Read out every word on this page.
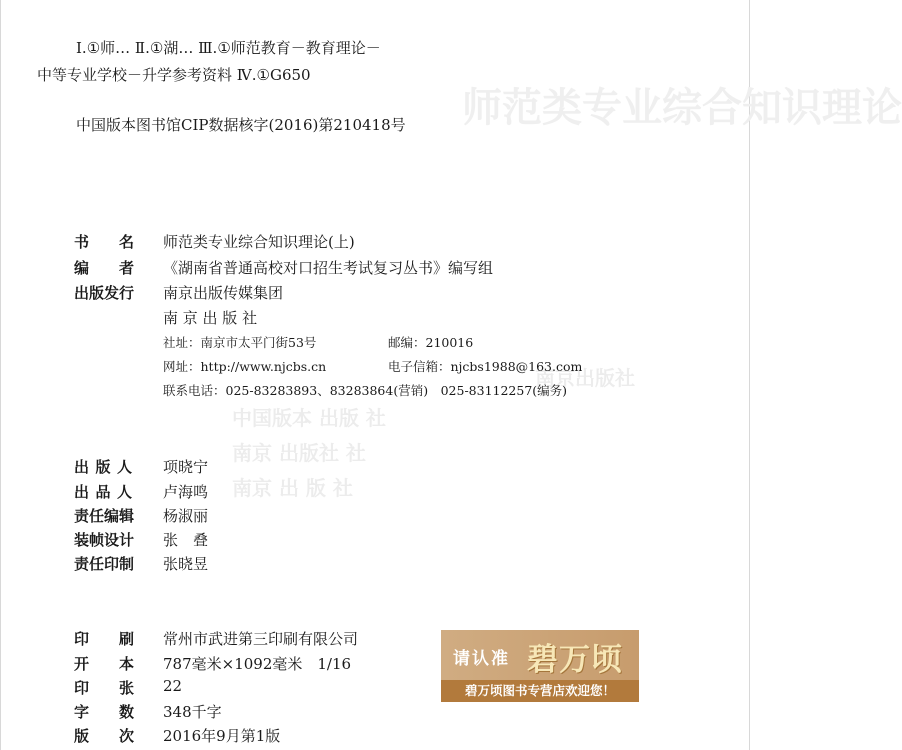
师范类专业综合知识理论
南京出版社
中国版本 出版 社
南京 出版社 社
南京 出 版 社
Ⅰ.①师… Ⅱ.①湖… Ⅲ.①师范教育－教育理论－
中等专业学校－升学参考资料 Ⅳ.①G650
中国版本图书馆CIP数据核字(2016)第210418号
书名 师范类专业综合知识理论(上)
编者 《湖南省普通高校对口招生考试复习丛书》编写组
出版发行 南京出版传媒集团
南 京 出 版 社
社址：南京市太平门街53号	邮编：210016
网址：http://www.njcbs.cn	电子信箱：njcbs1988@163.com
联系电话：025-83283893、83283864(营销)　025-83112257(编务)
出版人 项晓宁
出品人 卢海鸣
责任编辑 杨淑丽
装帧设计 张　叠
责任印制 张晓昱
印刷 常州市武进第三印刷有限公司
开本 787毫米×1092毫米　1/16
印张 22
字数 348千字
版次 2016年9月第1版
请认准 碧万顷
碧万顷图书专营店欢迎您！
